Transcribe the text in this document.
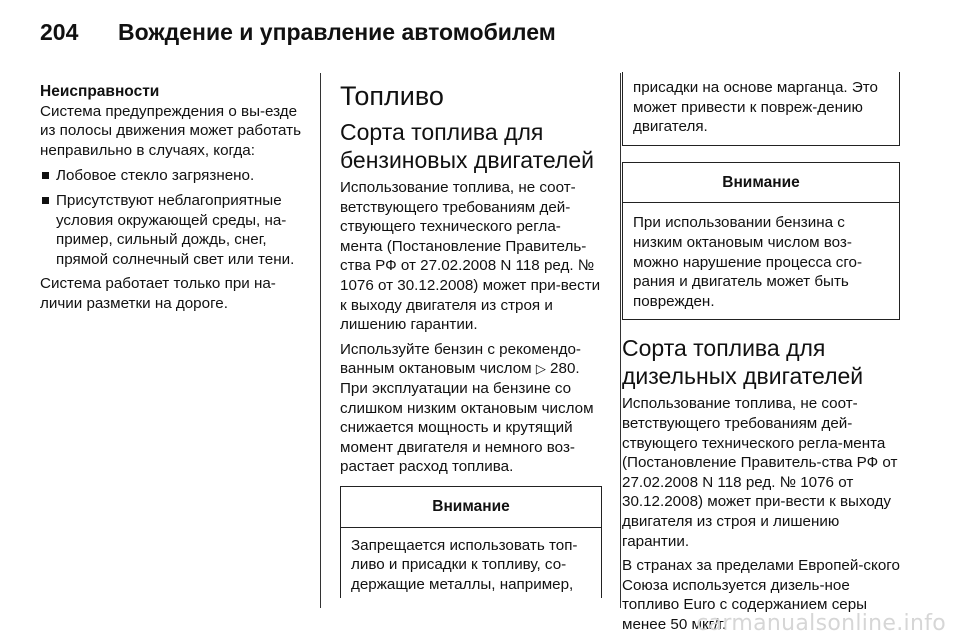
204	Вождение и управление автомобилем
Неисправности

Система предупреждения о вы-езде из полосы движения может работать неправильно в случаях, когда:

Лобовое стекло загрязнено.
Присутствуют неблагоприятные условия окружающей среды, на-пример, сильный дождь, снег, прямой солнечный свет или тени.

Система работает только при на-личии разметки на дороге.

Топливо
Сорта топлива для бензиновых двигателей

Использование топлива, не соот-ветствующего требованиям дей-ствующего технического регла-мента (Постановление Правитель-ства РФ от 27.02.2008 N 118 ред. № 1076 от 30.12.2008) может при-вести к выходу двигателя из строя и лишению гарантии.

Используйте бензин с рекомендо-ванным октановым числом ▷ 280. При эксплуатации на бензине со слишком низким октановым числом снижается мощность и крутящий момент двигателя и немного воз-растает расход топлива.

Внимание
Запрещается использовать топ-ливо и присадки к топливу, со-держащие металлы, например,
присадки на основе марганца. Это может привести к повреж-дению двигателя.
Внимание
При использовании бензина с низким октановым числом воз-можно нарушение процесса сго-рания и двигатель может быть поврежден.
Сорта топлива для дизельных двигателей

Использование топлива, не соот-ветствующего требованиям дей-ствующего технического регла-мента (Постановление Правитель-ства РФ от 27.02.2008 N 118 ред. № 1076 от 30.12.2008) может при-вести к выходу двигателя из строя и лишению гарантии.

В странах за пределами Европей-ского Союза используется дизель-ное топливо Euro с содержанием серы менее 50 мкг/г.

carmanualsonline.info
